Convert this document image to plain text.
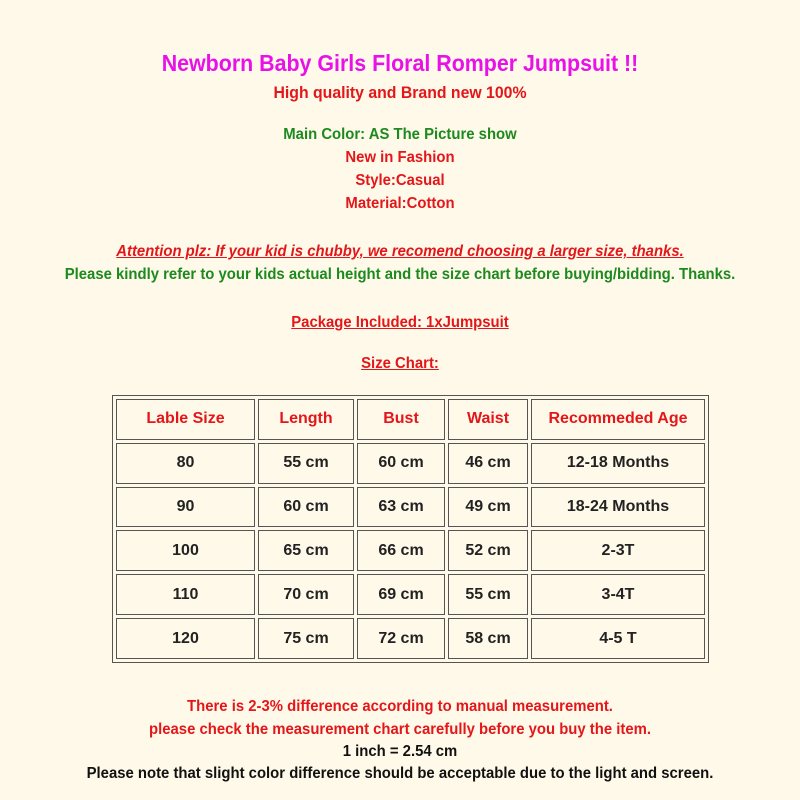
Newborn Baby Girls Floral Romper Jumpsuit !!
High quality and Brand new 100%
Main Color: AS The Picture show
New in Fashion
Style:Casual
Material:Cotton
Attention plz: If your kid is chubby, we recomend choosing a larger size, thanks.
Please kindly refer to your kids actual height and the size chart before buying/bidding. Thanks.
Package Included: 1xJumpsuit
Size Chart:
Lable Size	Length	Bust	Waist	Recommeded Age
80	55 cm	60 cm	46 cm	12-18 Months
90	60 cm	63 cm	49 cm	18-24 Months
100	65 cm	66 cm	52 cm	2-3T
110	70 cm	69 cm	55 cm	3-4T
120	75 cm	72 cm	58 cm	4-5 T
There is 2-3% difference according to manual measurement.
please check the measurement chart carefully before you buy the item.
1 inch = 2.54 cm
Please note that slight color difference should be acceptable due to the light and screen.
